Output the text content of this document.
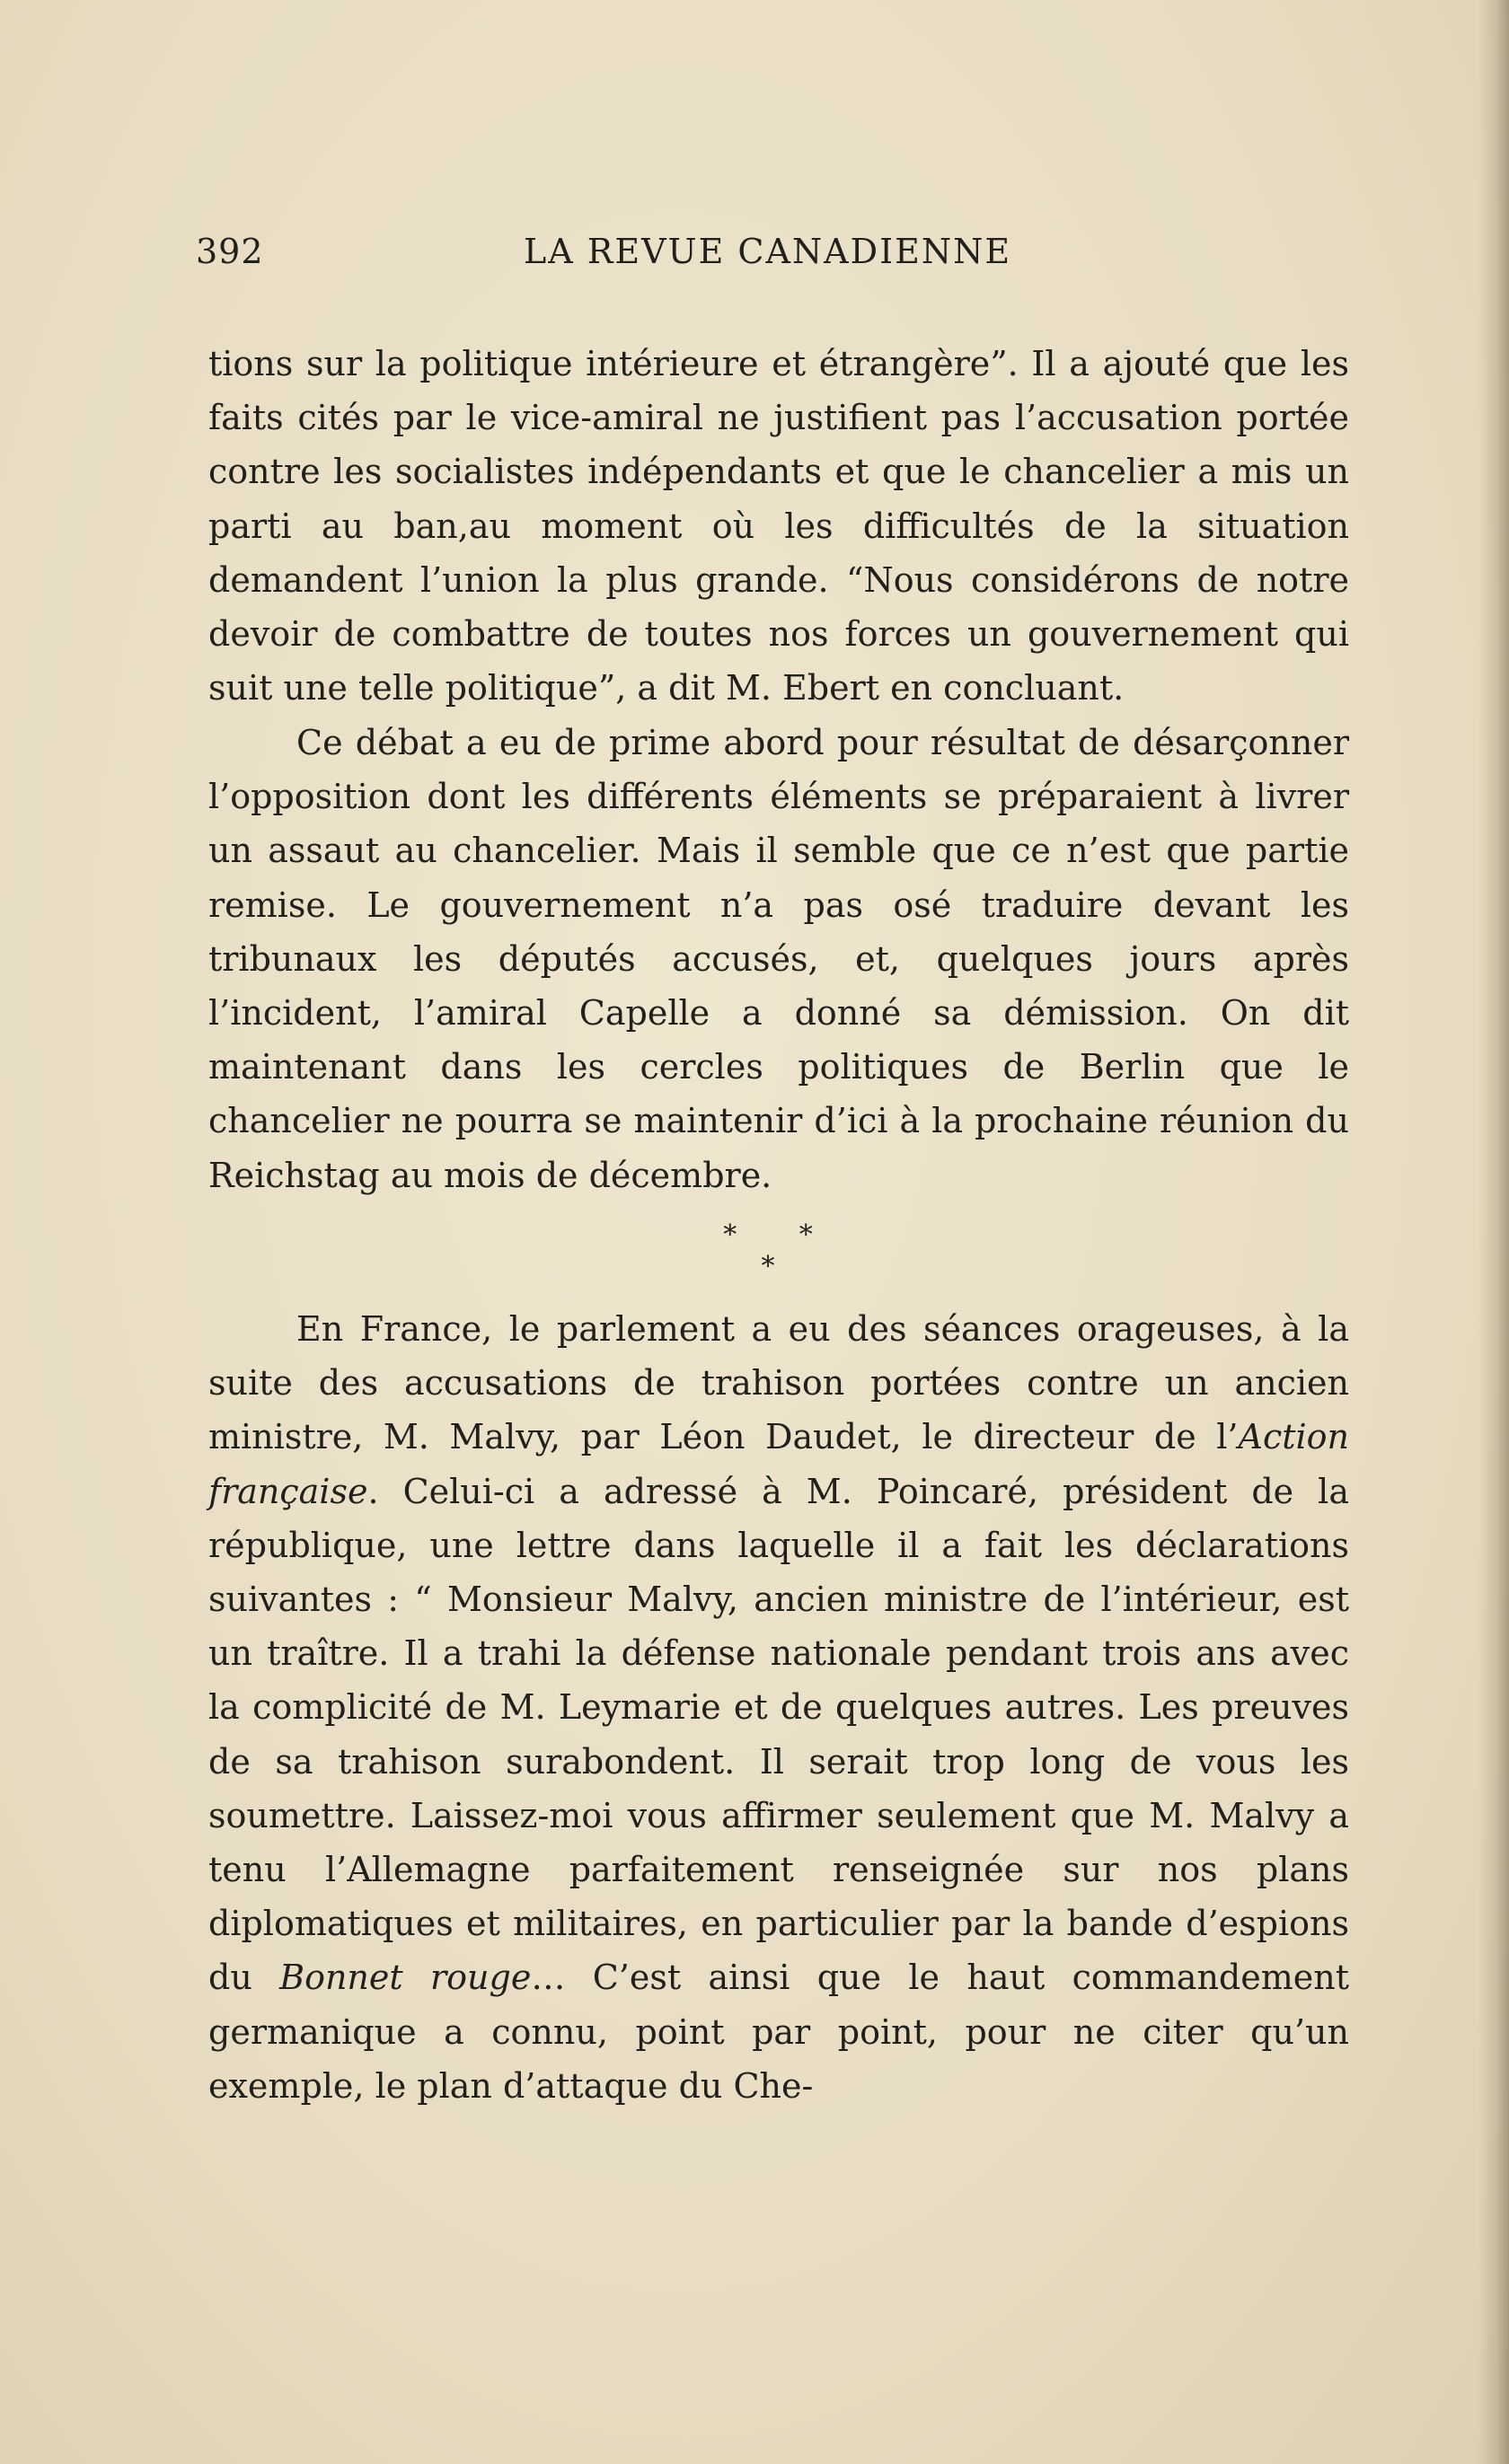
392	LA REVUE CANADIENNE

tions sur la politique intérieure et étrangère”. Il a ajouté que les faits cités par le vice-amiral ne justifient pas l’accusation portée contre les socialistes indépendants et que le chancelier a mis un parti au ban,au moment où les difficultés de la situation demandent l’union la plus grande. “Nous considérons de notre devoir de combattre de toutes nos forces un gouvernement qui suit une telle politique”, a dit M. Ebert en concluant.

Ce débat a eu de prime abord pour résultat de désarçonner l’opposition dont les différents éléments se préparaient à livrer un assaut au chancelier. Mais il semble que ce n’est que partie remise. Le gouvernement n’a pas osé traduire devant les tribunaux les députés accusés, et, quelques jours après l’incident, l’amiral Capelle a donné sa démission. On dit maintenant dans les cercles politiques de Berlin que le chancelier ne pourra se maintenir d’ici à la prochaine réunion du Reichstag au mois de décembre.

* * *

En France, le parlement a eu des séances orageuses, à la suite des accusations de trahison portées contre un ancien ministre, M. Malvy, par Léon Daudet, le directeur de l’Action française. Celui-ci a adressé à M. Poincaré, président de la république, une lettre dans laquelle il a fait les déclarations suivantes : “ Monsieur Malvy, ancien ministre de l’intérieur, est un traître. Il a trahi la défense nationale pendant trois ans avec la complicité de M. Leymarie et de quelques autres. Les preuves de sa trahison surabondent. Il serait trop long de vous les soumettre. Laissez-moi vous affirmer seulement que M. Malvy a tenu l’Allemagne parfaitement renseignée sur nos plans diplomatiques et militaires, en particulier par la bande d’espions du Bonnet rouge… C’est ainsi que le haut commandement germanique a connu, point par point, pour ne citer qu’un exemple, le plan d’attaque du Che-
